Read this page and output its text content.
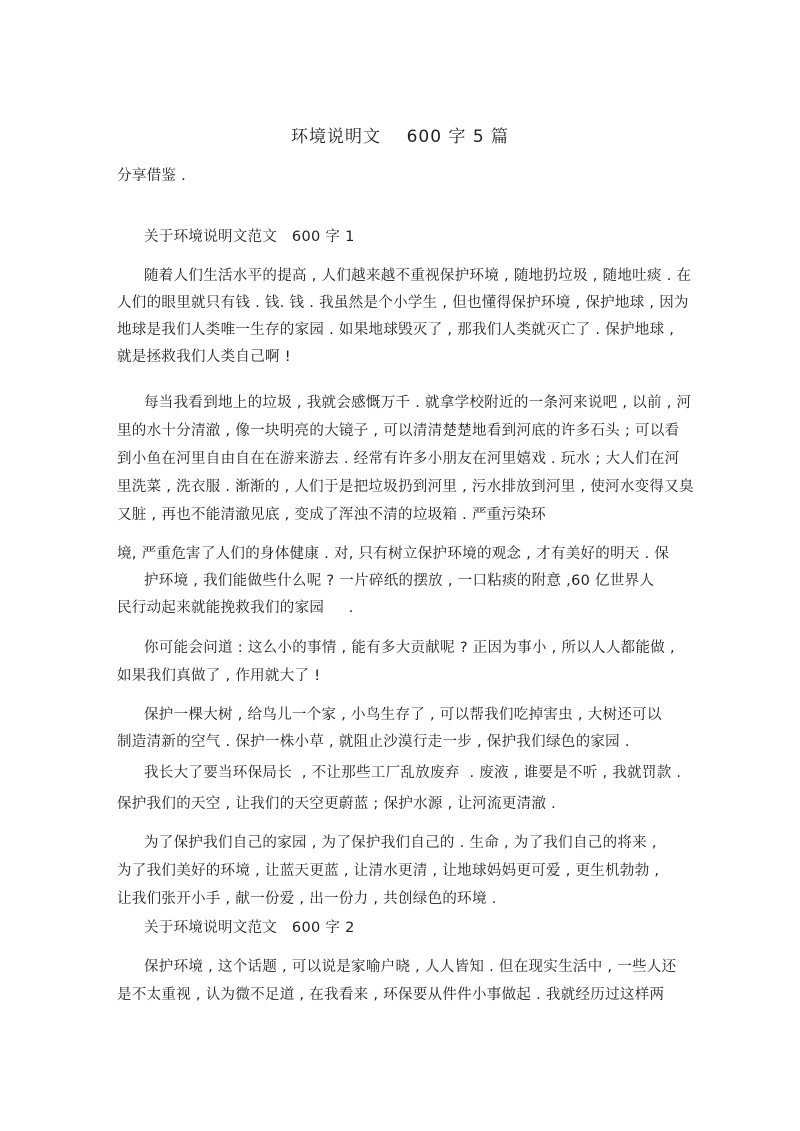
环境说明文    600 字 5 篇
分享借鉴 .
关于环境说明文范文   600 字 1
随着人们生活水平的提高 , 人们越来越不重视保护环境 , 随地扔垃圾 , 随地吐痰 . 在
人们的眼里就只有钱 . 钱. 钱 . 我虽然是个小学生 , 但也懂得保护环境 , 保护地球 , 因为
地球是我们人类唯一生存的家园 . 如果地球毁灭了 , 那我们人类就灭亡了 . 保护地球 ,
就是拯救我们人类自己啊 !
每当我看到地上的垃圾 , 我就会感慨万千 . 就拿学校附近的一条河来说吧 , 以前 , 河
里的水十分清澈 , 像一块明亮的大镜子 , 可以清清楚楚地看到河底的许多石头 ; 可以看
到小鱼在河里自由自在在游来游去 . 经常有许多小朋友在河里嬉戏 . 玩水 ; 大人们在河
里洗菜 , 洗衣服 . 渐渐的 , 人们于是把垃圾扔到河里 , 污水排放到河里 , 使河水变得又臭
又脏 , 再也不能清澈见底 , 变成了浑浊不清的垃圾箱 . 严重污染环
境, 严重危害了人们的身体健康 . 对, 只有树立保护环境的观念 , 才有美好的明天 . 保
护环境 , 我们能做些什么呢 ? 一片碎纸的摆放 , 一口粘痰的附意 ,60 亿世界人
民行动起来就能挽救我们的家园     .
你可能会问道 : 这么小的事情 , 能有多大贡献呢 ? 正因为事小 , 所以人人都能做 ,
如果我们真做了 , 作用就大了 !
保护一棵大树 , 给鸟儿一个家 , 小鸟生存了 , 可以帮我们吃掉害虫 , 大树还可以
制造清新的空气 . 保护一株小草 , 就阻止沙漠行走一步 , 保护我们绿色的家园 .
我长大了要当环保局长  , 不让那些工厂乱放废弃  . 废液 , 谁要是不听 , 我就罚款 .
保护我们的天空 , 让我们的天空更蔚蓝 ; 保护水源 , 让河流更清澈 .
为了保护我们自己的家园 , 为了保护我们自己的 . 生命 , 为了我们自己的将来 ,
为了我们美好的环境 , 让蓝天更蓝 , 让清水更清 , 让地球妈妈更可爱 , 更生机勃勃 ,
让我们张开小手 , 献一份爱 , 出一份力 , 共创绿色的环境 .
关于环境说明文范文   600 字 2
保护环境 , 这个话题 , 可以说是家喻户晓 , 人人皆知 . 但在现实生活中 , 一些人还
是不太重视 , 认为微不足道 , 在我看来 , 环保要从件件小事做起 . 我就经历过这样两
